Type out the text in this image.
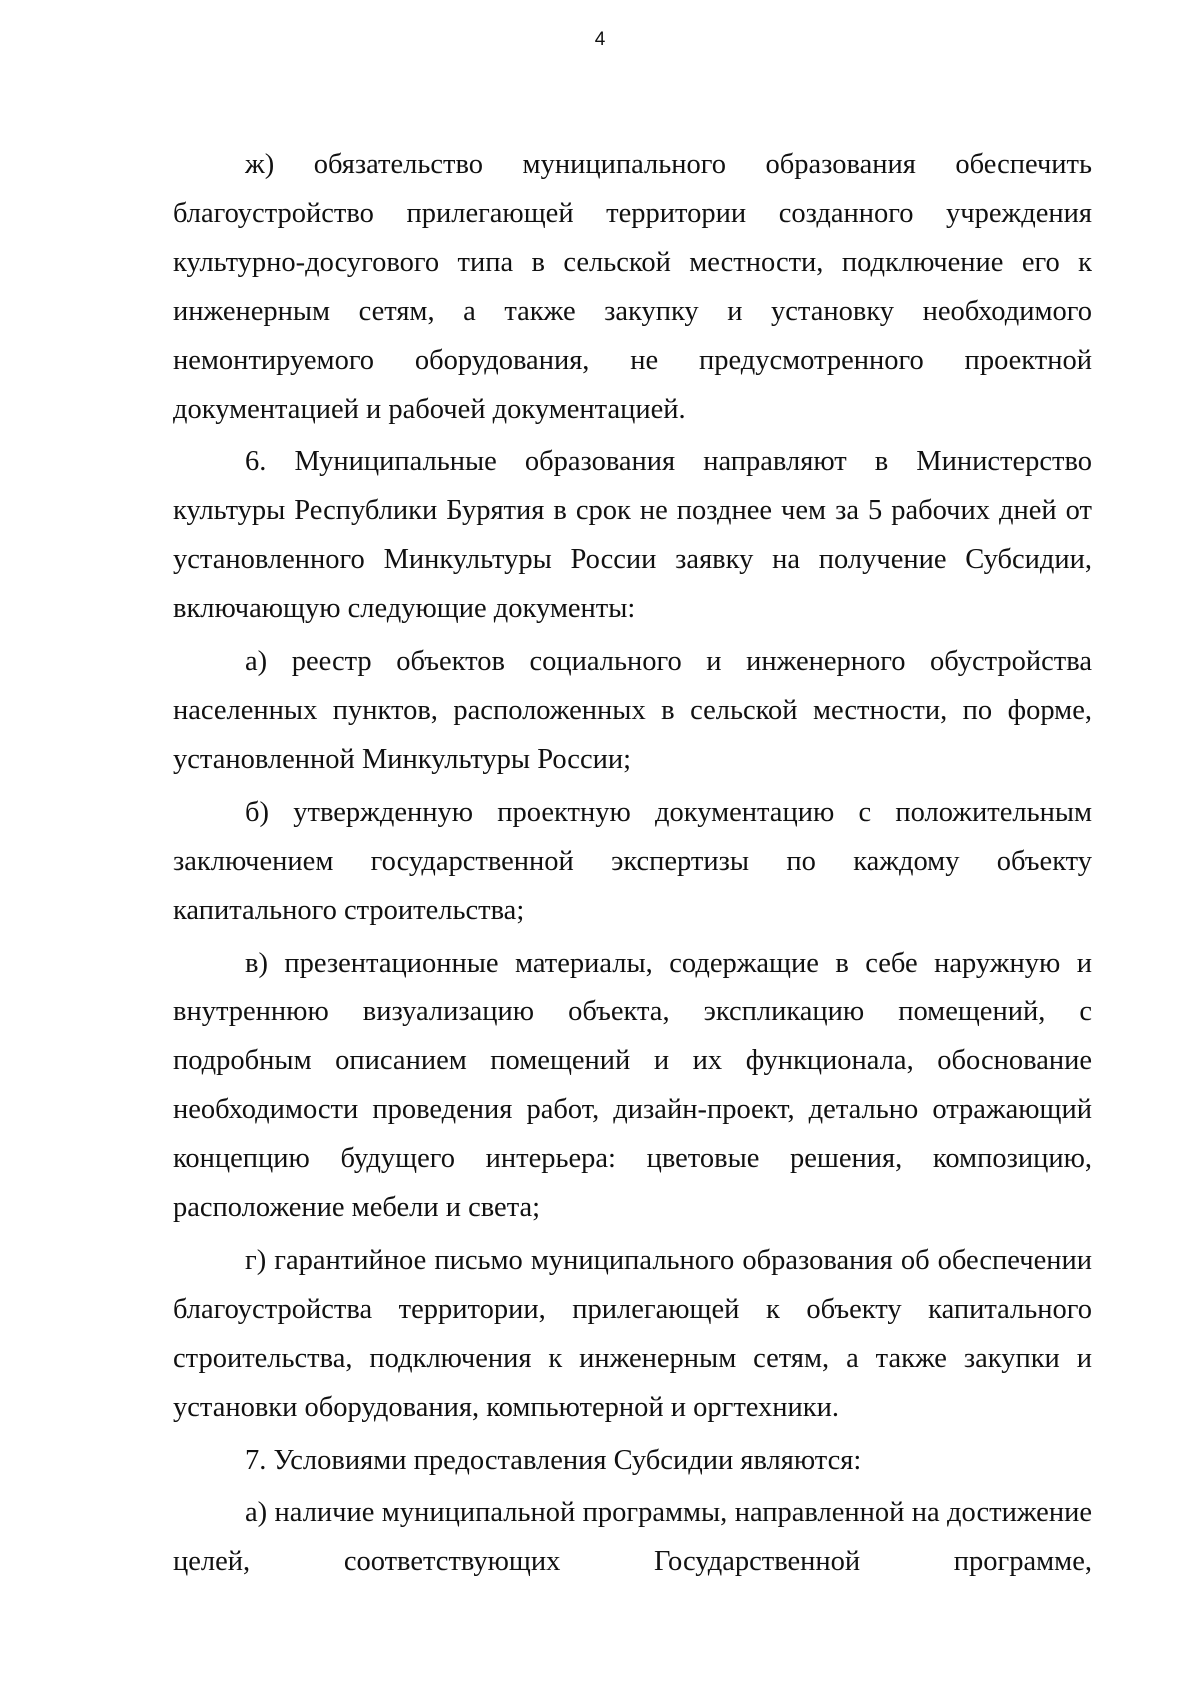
4

ж) обязательство муниципального образования обеспечить благоустройство прилегающей территории созданного учреждения культурно-досугового типа в сельской местности, подключение его к инженерным сетям, а также закупку и установку необходимого немонтируемого оборудования, не предусмотренного проектной документацией и рабочей документацией.

6. Муниципальные образования направляют в Министерство культуры Республики Бурятия в срок не позднее чем за 5 рабочих дней от установленного Минкультуры России заявку на получение Субсидии, включающую следующие документы:

а) реестр объектов социального и инженерного обустройства населенных пунктов, расположенных в сельской местности, по форме, установленной Минкультуры России;

б) утвержденную проектную документацию с положительным заключением государственной экспертизы по каждому объекту капитального строительства;

в) презентационные материалы, содержащие в себе наружную и внутреннюю визуализацию объекта, экспликацию помещений, с подробным описанием помещений и их функционала, обоснование необходимости проведения работ, дизайн-проект, детально отражающий концепцию будущего интерьера: цветовые решения, композицию, расположение мебели и света;

г) гарантийное письмо муниципального образования об обеспечении благоустройства территории, прилегающей к объекту капитального строительства, подключения к инженерным сетям, а также закупки и установки оборудования, компьютерной и оргтехники.

7. Условиями предоставления Субсидии являются:

а) наличие муниципальной программы, направленной на достижение целей, соответствующих Государственной программе,
